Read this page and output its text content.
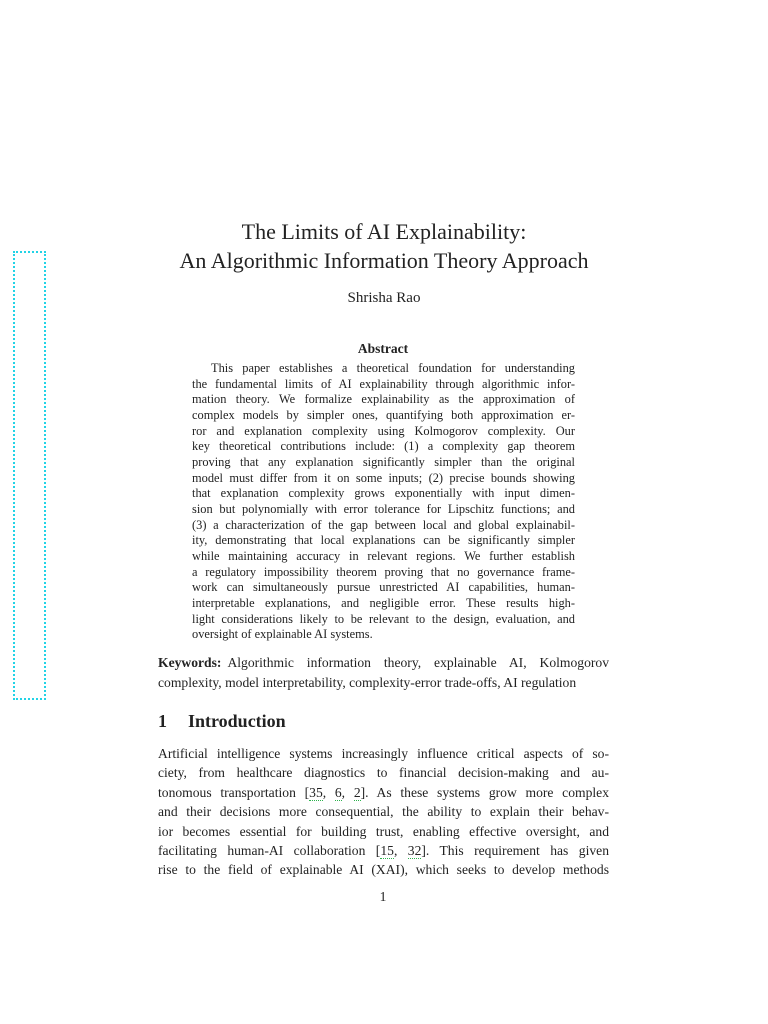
The Limits of AI Explainability:
An Algorithmic Information Theory Approach
Shrisha Rao
Abstract
This paper establishes a theoretical foundation for understanding
the fundamental limits of AI explainability through algorithmic infor-
mation theory. We formalize explainability as the approximation of
complex models by simpler ones, quantifying both approximation er-
ror and explanation complexity using Kolmogorov complexity. Our
key theoretical contributions include: (1) a complexity gap theorem
proving that any explanation significantly simpler than the original
model must differ from it on some inputs; (2) precise bounds showing
that explanation complexity grows exponentially with input dimen-
sion but polynomially with error tolerance for Lipschitz functions; and
(3) a characterization of the gap between local and global explainabil-
ity, demonstrating that local explanations can be significantly simpler
while maintaining accuracy in relevant regions. We further establish
a regulatory impossibility theorem proving that no governance frame-
work can simultaneously pursue unrestricted AI capabilities, human-
interpretable explanations, and negligible error. These results high-
light considerations likely to be relevant to the design, evaluation, and
oversight of explainable AI systems.
Keywords: Algorithmic information theory, explainable AI, Kolmogorov
complexity, model interpretability, complexity-error trade-offs, AI regulation
1 Introduction
Artificial intelligence systems increasingly influence critical aspects of so-
ciety, from healthcare diagnostics to financial decision-making and au-
tonomous transportation [35, 6, 2]. As these systems grow more complex
and their decisions more consequential, the ability to explain their behav-
ior becomes essential for building trust, enabling effective oversight, and
facilitating human-AI collaboration [15, 32]. This requirement has given
rise to the field of explainable AI (XAI), which seeks to develop methods
1
